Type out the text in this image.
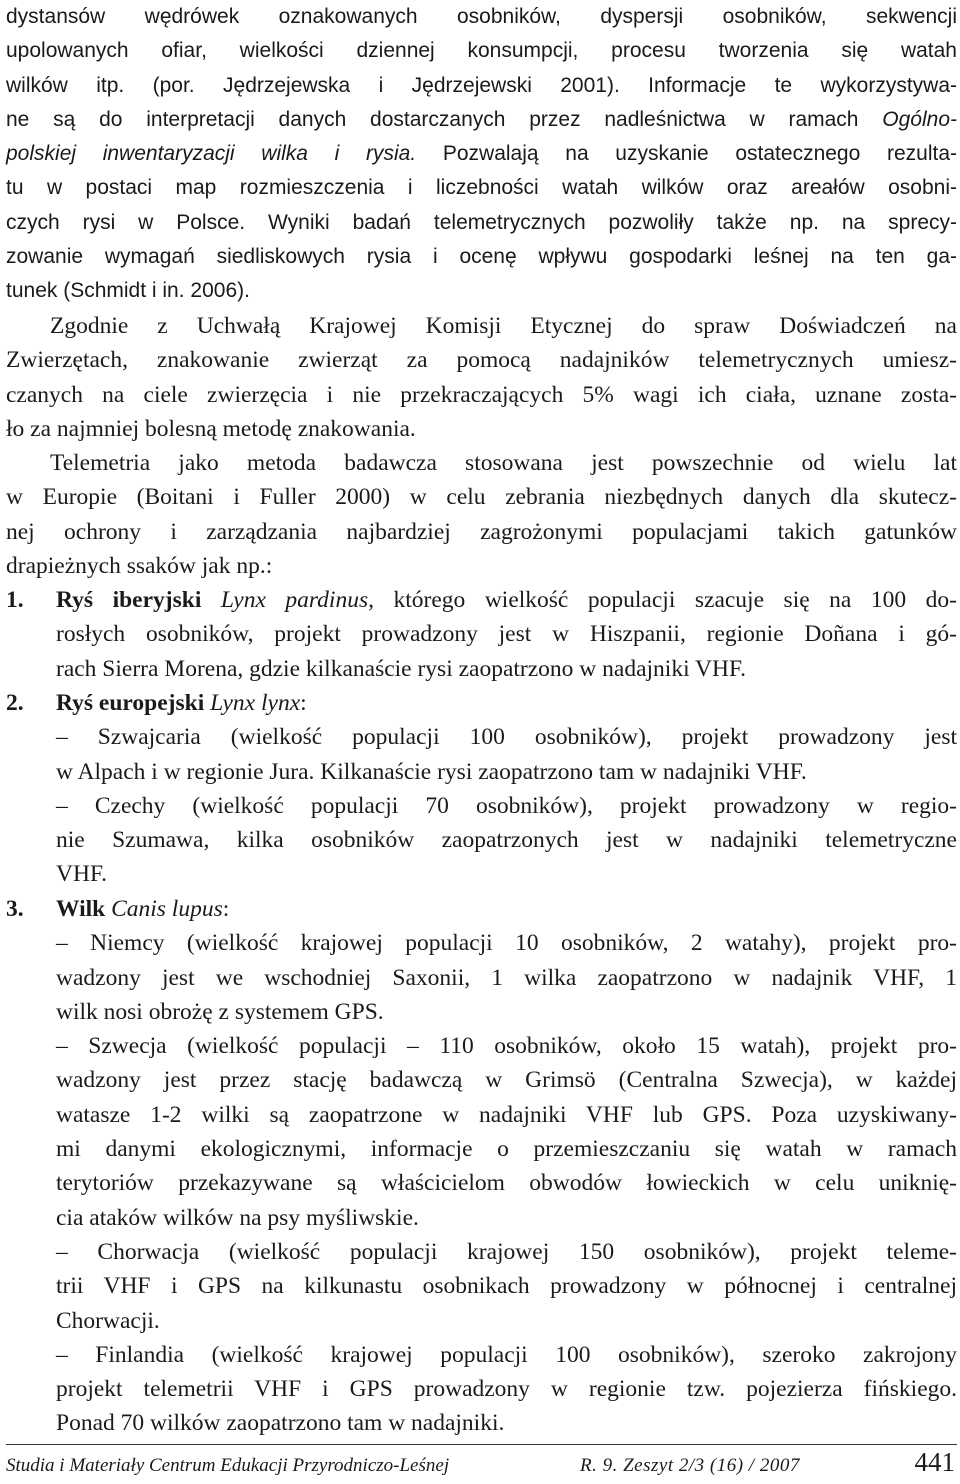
dystansów wędrówek oznakowanych osobników, dyspersji osobników, sekwencji
upolowanych ofiar, wielkości dziennej konsumpcji, procesu tworzenia się watah
wilków itp. (por. Jędrzejewska i Jędrzejewski 2001). Informacje te wykorzystywa-
ne są do interpretacji danych dostarczanych przez nadleśnictwa w ramach Ogólno-
polskiej inwentaryzacji wilka i rysia. Pozwalają na uzyskanie ostatecznego rezulta-
tu w postaci map rozmieszczenia i liczebności watah wilków oraz areałów osobni-
czych rysi w Polsce. Wyniki badań telemetrycznych pozwoliły także np. na sprecy-
zowanie wymagań siedliskowych rysia i ocenę wpływu gospodarki leśnej na ten ga-
tunek (Schmidt i in. 2006).
Zgodnie z Uchwałą Krajowej Komisji Etycznej do spraw Doświadczeń na
Zwierzętach, znakowanie zwierząt za pomocą nadajników telemetrycznych umiesz-
czanych na ciele zwierzęcia i nie przekraczających 5% wagi ich ciała, uznane zosta-
ło za najmniej bolesną metodę znakowania.
Telemetria jako metoda badawcza stosowana jest powszechnie od wielu lat
w Europie (Boitani i Fuller 2000) w celu zebrania niezbędnych danych dla skutecz-
nej ochrony i zarządzania najbardziej zagrożonymi populacjami takich gatunków
drapieżnych ssaków jak np.:
1.	Ryś iberyjski Lynx pardinus, którego wielkość populacji szacuje się na 100 do-
rosłych osobników, projekt prowadzony jest w Hiszpanii, regionie Doñana i gó-
rach Sierra Morena, gdzie kilkanaście rysi zaopatrzono w nadajniki VHF.
2.	Ryś europejski Lynx lynx:
– Szwajcaria (wielkość populacji 100 osobników), projekt prowadzony jest
w Alpach i w regionie Jura. Kilkanaście rysi zaopatrzono tam w nadajniki VHF.
– Czechy (wielkość populacji 70 osobników), projekt prowadzony w regio-
nie Szumawa, kilka osobników zaopatrzonych jest w nadajniki telemetryczne
VHF.
3.	Wilk Canis lupus:
– Niemcy (wielkość krajowej populacji 10 osobników, 2 watahy), projekt pro-
wadzony jest we wschodniej Saxonii, 1 wilka zaopatrzono w nadajnik VHF, 1
wilk nosi obrożę z systemem GPS.
– Szwecja (wielkość populacji – 110 osobników, około 15 watah), projekt pro-
wadzony jest przez stację badawczą w Grimsö (Centralna Szwecja), w każdej
watasze 1-2 wilki są zaopatrzone w nadajniki VHF lub GPS. Poza uzyskiwany-
mi danymi ekologicznymi, informacje o przemieszczaniu się watah w ramach
terytoriów przekazywane są właścicielom obwodów łowieckich w celu uniknię-
cia ataków wilków na psy myśliwskie.
– Chorwacja (wielkość populacji krajowej 150 osobników), projekt teleme-
trii VHF i GPS na kilkunastu osobnikach prowadzony w północnej i centralnej
Chorwacji.
– Finlandia (wielkość krajowej populacji 100 osobników), szeroko zakrojony
projekt telemetrii VHF i GPS prowadzony w regionie tzw. pojezierza fińskiego.
Ponad 70 wilków zaopatrzono tam w nadajniki.
Studia i Materiały Centrum Edukacji Przyrodniczo-Leśnej	R. 9. Zeszyt 2/3 (16) / 2007	441
